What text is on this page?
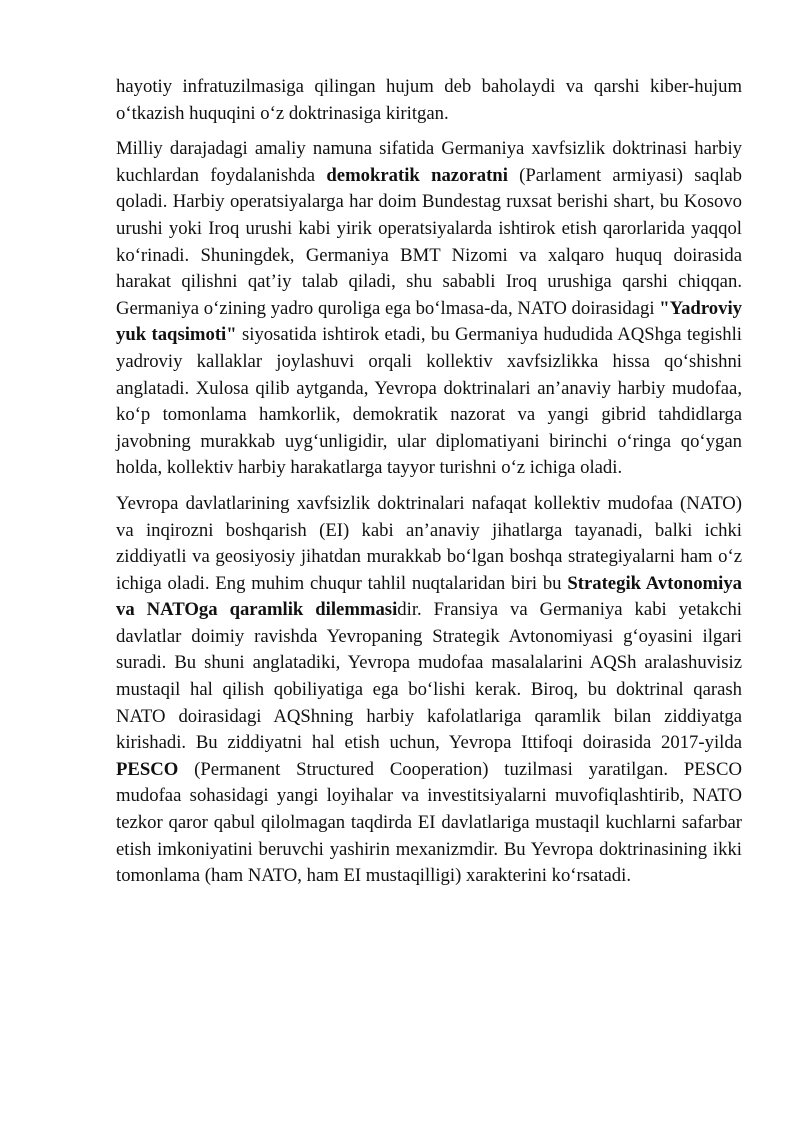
hayotiy infratuzilmasiga qilingan hujum deb baholaydi va qarshi kiber-hujum oʻtkazish huquqini oʻz doktrinasiga kiritgan.

Milliy darajadagi amaliy namuna sifatida Germaniya xavfsizlik doktrinasi harbiy kuchlardan foydalanishda demokratik nazoratni (Parlament armiyasi) saqlab qoladi. Harbiy operatsiyalarga har doim Bundestag ruxsat berishi shart, bu Kosovo urushi yoki Iroq urushi kabi yirik operatsiyalarda ishtirok etish qarorlarida yaqqol koʻrinadi. Shuningdek, Germaniya BMT Nizomi va xalqaro huquq doirasida harakat qilishni qatʼiy talab qiladi, shu sababli Iroq urushiga qarshi chiqqan. Germaniya oʻzining yadro quroliga ega boʻlmasa-da, NATO doirasidagi "Yadroviy yuk taqsimoti" siyosatida ishtirok etadi, bu Germaniya hududida AQShga tegishli yadroviy kallaklar joylashuvi orqali kollektiv xavfsizlikka hissa qoʻshishni anglatadi. Xulosa qilib aytganda, Yevropa doktrinalari anʼanaviy harbiy mudofaa, koʻp tomonlama hamkorlik, demokratik nazorat va yangi gibrid tahdidlarga javobning murakkab uygʻunligidir, ular diplomatiyani birinchi oʻringa qoʻygan holda, kollektiv harbiy harakatlarga tayyor turishni oʻz ichiga oladi.

Yevropa davlatlarining xavfsizlik doktrinalari nafaqat kollektiv mudofaa (NATO) va inqirozni boshqarish (EI) kabi anʼanaviy jihatlarga tayanadi, balki ichki ziddiyatli va geosiyosiy jihatdan murakkab boʻlgan boshqa strategiyalarni ham oʻz ichiga oladi. Eng muhim chuqur tahlil nuqtalaridan biri bu Strategik Avtonomiya va NATOga qaramlik dilemmasidir. Fransiya va Germaniya kabi yetakchi davlatlar doimiy ravishda Yevropaning Strategik Avtonomiyasi gʻoyasini ilgari suradi. Bu shuni anglatadiki, Yevropa mudofaa masalalarini AQSh aralashuvisiz mustaqil hal qilish qobiliyatiga ega boʻlishi kerak. Biroq, bu doktrinal qarash NATO doirasidagi AQShning harbiy kafolatlariga qaramlik bilan ziddiyatga kirishadi. Bu ziddiyatni hal etish uchun, Yevropa Ittifoqi doirasida 2017-yilda PESCO (Permanent Structured Cooperation) tuzilmasi yaratilgan. PESCO mudofaa sohasidagi yangi loyihalar va investitsiyalarni muvofiqlashtirib, NATO tezkor qaror qabul qilolmagan taqdirda EI davlatlariga mustaqil kuchlarni safarbar etish imkoniyatini beruvchi yashirin mexanizmdir. Bu Yevropa doktrinasining ikki tomonlama (ham NATO, ham EI mustaqilligi) xarakterini koʻrsatadi.
